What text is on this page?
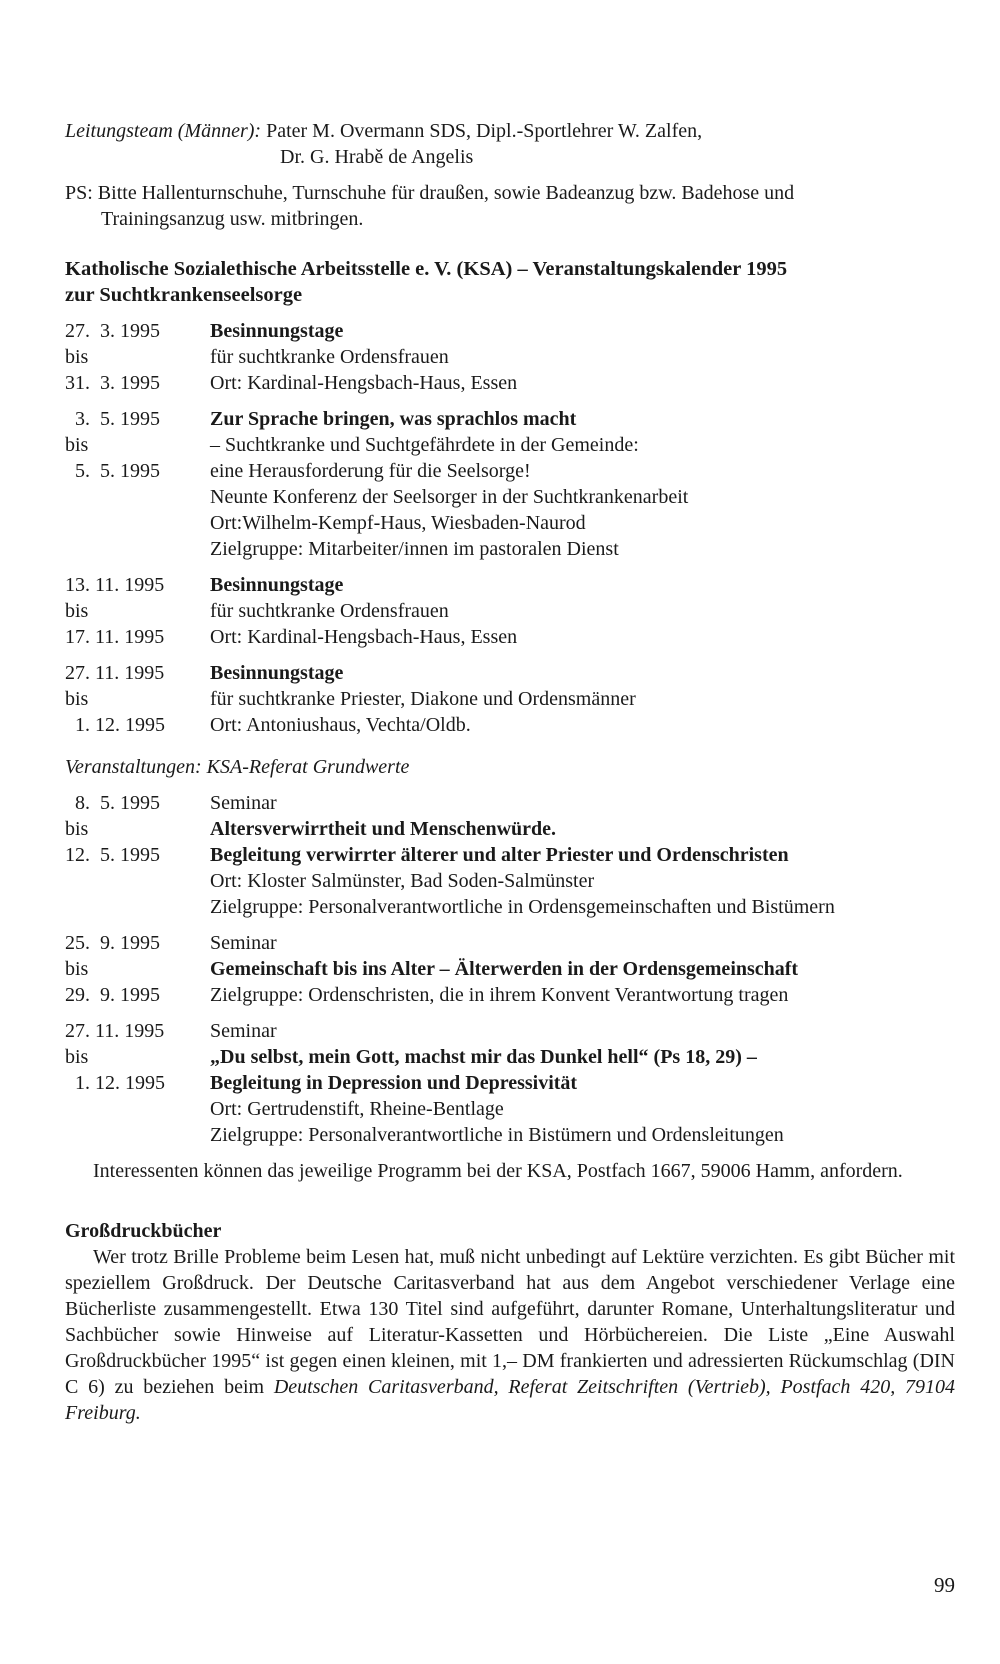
Leitungsteam (Männer): Pater M. Overmann SDS, Dipl.-Sportlehrer W. Zalfen,
Dr. G. Hrabě de Angelis
PS: Bitte Hallenturnschuhe, Turnschuhe für draußen, sowie Badeanzug bzw. Badehose und
Trainingsanzug usw. mitbringen.
Katholische Sozialethische Arbeitsstelle e. V. (KSA) – Veranstaltungskalender 1995
zur Suchtkrankenseelsorge
27.  3. 1995	Besinnungstage
bis	für suchtkranke Ordensfrauen
31.  3. 1995	Ort: Kardinal-Hengsbach-Haus, Essen
3.  5. 1995	Zur Sprache bringen, was sprachlos macht
bis	– Suchtkranke und Suchtgefährdete in der Gemeinde:
5.  5. 1995	eine Herausforderung für die Seelsorge!
Neunte Konferenz der Seelsorger in der Suchtkrankenarbeit
Ort:Wilhelm-Kempf-Haus, Wiesbaden-Naurod
Zielgruppe: Mitarbeiter/innen im pastoralen Dienst
13. 11. 1995	Besinnungstage
bis	für suchtkranke Ordensfrauen
17. 11. 1995	Ort: Kardinal-Hengsbach-Haus, Essen
27. 11. 1995	Besinnungstage
bis	für suchtkranke Priester, Diakone und Ordensmänner
1. 12. 1995	Ort: Antoniushaus, Vechta/Oldb.
Veranstaltungen: KSA-Referat Grundwerte
8.  5. 1995	Seminar
bis	Altersverwirrtheit und Menschenwürde.
12.  5. 1995	Begleitung verwirrter älterer und alter Priester und Ordenschristen
Ort: Kloster Salmünster, Bad Soden-Salmünster
Zielgruppe: Personalverantwortliche in Ordensgemeinschaften und Bistümern
25.  9. 1995	Seminar
bis	Gemeinschaft bis ins Alter – Älterwerden in der Ordensgemeinschaft
29.  9. 1995	Zielgruppe: Ordenschristen, die in ihrem Konvent Verantwortung tragen
27. 11. 1995	Seminar
bis	„Du selbst, mein Gott, machst mir das Dunkel hell“ (Ps 18, 29) –
1. 12. 1995	Begleitung in Depression und Depressivität
Ort: Gertrudenstift, Rheine-Bentlage
Zielgruppe: Personalverantwortliche in Bistümern und Ordensleitungen

Interessenten können das jeweilige Programm bei der KSA, Postfach 1667, 59006 Hamm, anfordern.

Großdruckbücher

Wer trotz Brille Probleme beim Lesen hat, muß nicht unbedingt auf Lektüre verzichten. Es gibt Bücher mit speziellem Großdruck. Der Deutsche Caritasverband hat aus dem Angebot verschiedener Verlage eine Bücherliste zusammengestellt. Etwa 130 Titel sind aufgeführt, darunter Romane, Unterhaltungsliteratur und Sachbücher sowie Hinweise auf Literatur-Kassetten und Hörbüchereien. Die Liste „Eine Auswahl Großdruckbücher 1995“ ist gegen einen kleinen, mit 1,– DM frankierten und adressierten Rückumschlag (DIN C 6) zu beziehen beim Deutschen Caritasverband, Referat Zeitschriften (Vertrieb), Postfach 420, 79104 Freiburg.

99
